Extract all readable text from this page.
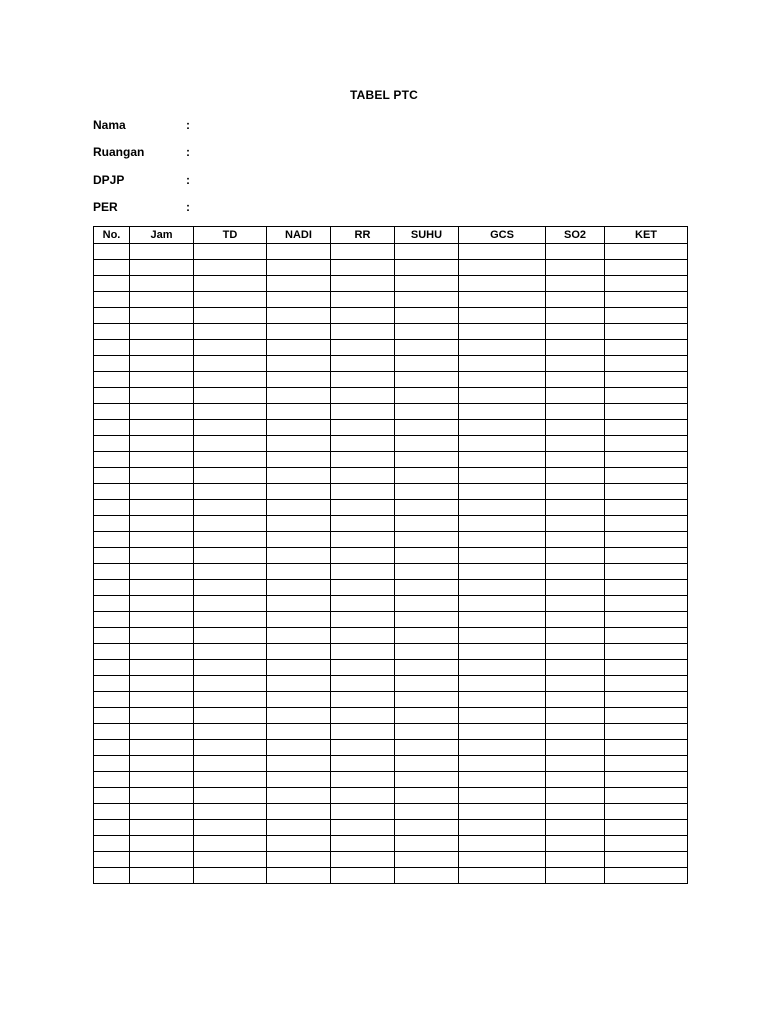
TABEL PTC
Nama	:
Ruangan	:
DPJP	:
PER	:
No.	Jam	TD	NADI	RR	SUHU	GCS	SO2	KET
